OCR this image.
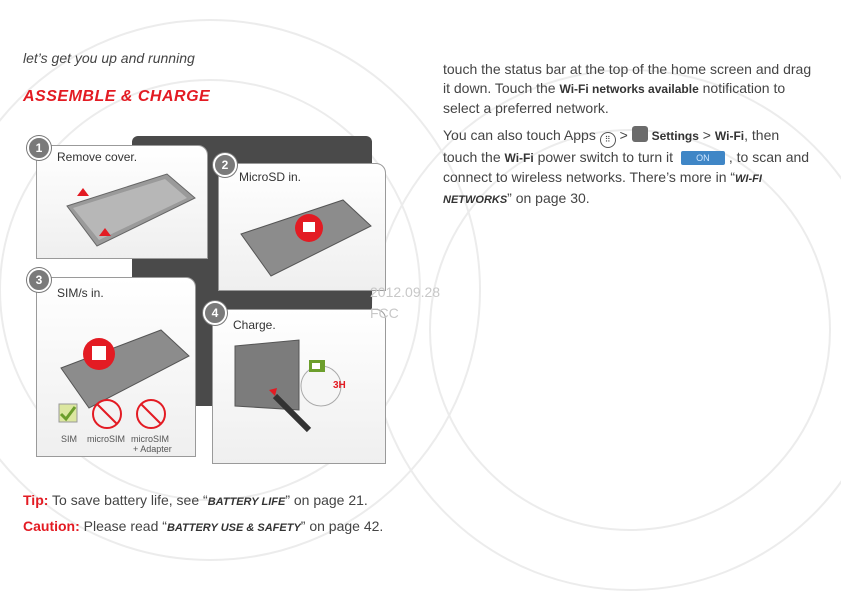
let’s get you up and running
ASSEMBLE & CHARGE
Remove cover.
1
MicroSD in.
2
SIM/s in.
SIM microSIM microSIM
+ Adapter
3
Charge.
3H
4
2012.09.28
FCC
Tip: To save battery life, see “BATTERY LIFE” on page 21.
Caution: Please read “BATTERY USE & SAFETY” on page 42.

touch the status bar at the top of the home screen and drag it down. Touch the Wi-Fi networks available notification to select a preferred network.

You can also touch Apps ⠿ >  Settings > Wi-Fi, then touch the Wi-Fi power switch to turn it ON , to scan and connect to wireless networks. There’s more in “WI-FI NETWORKS” on page 30.
